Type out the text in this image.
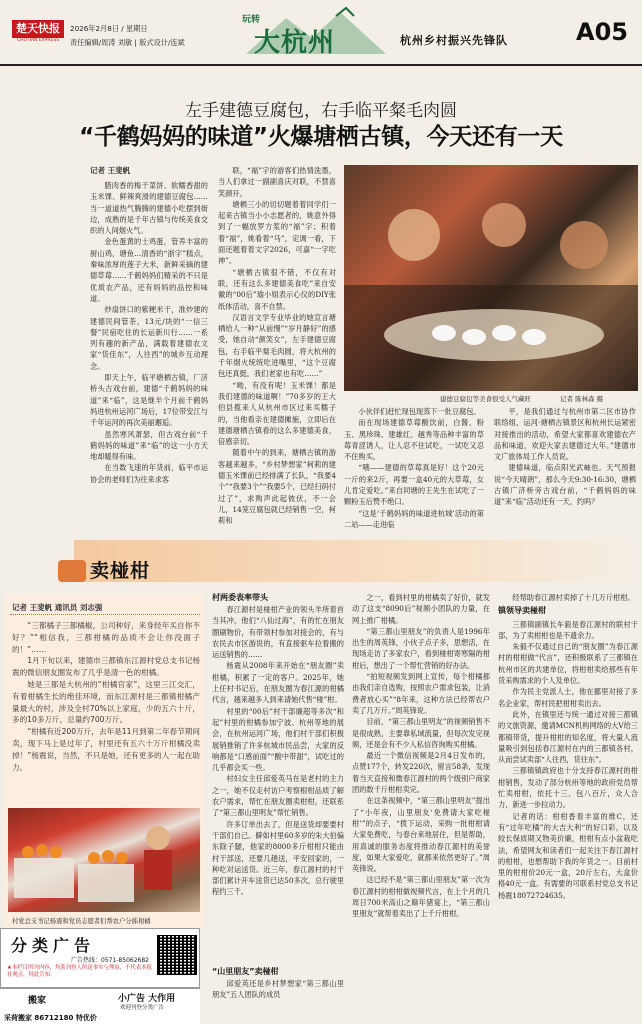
楚天快报
CHUTIAN EXPRESS
2026年2月8日 / 星期日
责任编辑/周涛 刘敏 | 版式设计/连斌
玩转
大杭州	杭州乡村振兴先锋队	A05
左手建德豆腐包，右手临平粲毛肉圆
“千鹤妈妈的味道”火爆塘栖古镇，今天还有一天
记者 王斐帆

腊肉香的梅干菜饼、软糯香甜的玉米馃、鲜辣爽滑的建德豆腐包……当一道道热气腾腾的建德小吃摆到街边，成熟的是千年古镇与传统美食交织的人间烟火气。

金色蛋黄的土鸡蛋，管养丰富的厨山鸡，塘鱼…清香的“浙字”糕点，秦味浓厚的莲子大米，新鲜采摘的建德草莓……千鹤妈妈们精采的不只是优质农产品，还有妈妈的品控和味道。

炒扇饼口的紫粳米干，准炒建的建德民间管茶，13元/块的“一信三餐”民宿吃住的长运新川行……一系列有趣的新产品，满载着建德农文家“货佳东”，人往西”的城乡互动理念。

即天上午，临平塘栖古镇，厂济桥头古戏台前，建德“千鹤妈妈的味道”来“临”，这是继半个月前千鹤妈妈进杭州运河广场后，17位带安江与千年运河的再次美丽邂逅。

虽然寒风萧瑟，但古戏台前“千鹤妈妈的味道”来“临”的这一小方天地却暖得有味。

在当数飞速的年货前，临平市运协会的老师们为往来求客

联，“福”字的游客们热情洗墨，当人们拿过一副副喜庆对联，不禁喜笑颜开。

塘栖三小的切切题着着同学们一起来古镇当小小志愿者的，姚意外得到了一幅放罗方浆的“福”字；积着着“福”，姚看着“马”，定调一看，下面还题着着文字2026，可嘉“一字吃神”。

“塘栖古镇很不错，不仅有对联，还有这么多建德美食吃”来自安徽的“00后”瑜小姐表示心仪的DIY张纸体活动，喜不自禁。

汉语言文学专业毕业的她宣言塘栖给人一种“从前慢”“岁月静好”的感受，她自动“颜笑女”，左手建德豆腐包，右手临平粲毛肉圆，将大杭州的千年烟火统统吃进嘴里，“这个豆腐包还真挺，我们老家也有吃……”

“呦，有没有呢！玉米馃！都是我们建德的味道啊！”70多岁的王大伯县揽来人从杭州市区过来买糯子的，当他看亲在建德摊施，立即后在建德塘栖古镇看的这么多建德美食，倍感亲切。

随着中午的到来，塘栖古镇的游客越来越多，“乡村梦想家”柯莉的建德玉米馃前已经排满了长队，“我要4个”“我要3个”“我要5个，已经扫码付过了”，求购声此起彼伏，不一会儿，14笼豆腐包就已经销售一空，柯莉和

建德豆腐包等美食很受人气藏旺	记者 陈林森 摄

小伙伴们赶忙现包现蒸下一批豆腐包。

而在现场建德草莓酸饮前，白酱、粉玉、黑珍珠、建雄红、越秀等品种丰富的草莓青涩诱人，让人忍不住试吃，一试吃又忍不住购买。

“哦——建德的草莓真是好！这个20元一斤的来2斤，再要一盒40元的大草莓，女儿肯定爱吃。”来自同塘的王先生在试吃了一颗粉玉后赞不绝口。

“这是‘千鹤妈妈的味道进杭城’活动的第二站——走进临

平，是我们通过与杭州市第二区市协作联络组、运河·塘栖古镇景区和杭州长运紧密对接推出的活动，希望大家都喜欢建德农产品和味道，欢迎大家去建德过大年。”建德市文广旅体局工作人员说。

建德味道，临点阳光武岫也。天气预报说“今天晴朗”，那么今天9:30-16:30，塘栖古镇广济桥旁古戏台前，“千鹤妈妈的味道”来“临”活动还有一天，约吗？

卖椪柑
记者 王斐帆 通讯员 刘志强

“三都橘子三都橘椒，公司种好，来身经年买自你不好？”“相信我，三都柑橘的品质不会让你没面子的！”……

1月下旬以来，建德市三都镇东江源村党总支书记杨震的微信朋友圈发布了几乎是清一色的柑橘。

她是三都是大杭州的“柑橘官家”，这里三江交汇，有着柑橘生长的绝佳环境，而东江源村是三都镇柑橘产量最大的村，涉及全村70%以上家庭，少的五六十斤，多的10多万斤，总量约700万斤。

“柑橘有近200万斤，去年是11月到第二年春节期间卖，现下马上是过年了，村里还有五六十万斤柑橘没卖掉！”杨震说，当然，不只是她，还有更多的人一起在助力。

村党总支书记杨震和党员志愿者们帮农户分拣柑橘
村两委表率带头

春江源村是椪柑产业的领头羊所着首当其冲，他们“八仙过海”，有的忙在朋友圈刷物价，有带领村参加对接会的，有与农民去市区游说的，有直接驱车拉着搬的运送销售的……

杨震从2008年来开始在“朋友圈”卖柑橘，积累了一定的客户。2025年，她上任村书记后，在朋友圈为春江源的柑橘代言，越来越多人到来请她代售“椪”柑。

村里的“00后”村干部廉超等多次“和起”村里的柑橘参加宁波、杭州等地的展会，在杭州运河广场，他们村干部们积极展销推销了许多杭城市民品尝，大家的反响都是“口感前面”“酸中带甜”，试吃过的几乎都会买一些。

村妇女主任邱爱英马在是老村的主力之一，她不仅走村访户考察根柑品质了解农户需求，帮忙在朋友圈卖柑柑，还联系了“第三都山里明友”帮忙销售。

许多订单出去了，但是送货却要要村干部们自己。僻如村里60多岁的朱大伯偏东除子腿，他家的8000多斤柑柑只能由村干部送，还要几趟送，平安回家的，一种吃对运送货。近三年，春江源村的村干部们累计开车送货已达50多次，总行驶里程约三千。

“山里朋友”卖椪柑

邱爱英还是乡村梦想家“第三都山里朋友”五人团队的成员

之一，看到村里的柑橘卖了好价，就发动了这支“8090后”视频小团队的力量，在网上推广柑橘。

“第三都山里朋友”的负责人是1996年出生的周英锋，小伙子点子多，思想活，在现场走访了多家农户，看到椪柑寄寒隔的柑柑后，想出了一个帮忙营销的好办法。

“拍短视频发到网上宣传，每个柑橘都由我们亲自选购，按照农户需求包装，让消费者放心买”“8年来，这种方法已经帮农户卖了几万斤。”周英锋说。

目前，“第三都山里明友”的视频销售不是很成熟，主要靠私域流量，但每次发完视频，还是会有不少人私信咨询购买柑橘。

最近一个微信视频是2月4日发布的，点赞177个，转发220次，留言58条，发现着当天直接和微春江源村的两个级别户商家团的数千斤柑柑卖完。

在这条视频中，“第三都山里明友”提出了“小年夜，山里朋友‘免费请大家吃椪柑’”的点子，“拨下运动，采购一批柑柑请大家免费吃，与春台来地居住，但是帮助，用真诚的服务态度将推动春江源村的美誉度，如果大家爱吃，就都来依然更好了。”周英锋说。

这已经不是“第三都山里朋友”第一次为春江源村的柑柑做视频代言，在上个月的几周日700米高山之巅年猪宴上，“第三都山里朋友”就帮着卖出了上千斤柑柑。

经帮助春江源村卖掉了十几万斤柑柑。

镇领导卖椪柑

三都镇副镇长车毅是春江源村的联村干部，为了卖柑柑也是不遗余力。

朱毅不仅通过自己的“朋友圈”为春江源村的柑柑做“代言”，还积极联系了三都镇在杭州市区的共建单位，将柑柑卖给那些有年货采购需求的个人及单位。

作为民主党派人士，他在挪里对接了多名企业家，帮村民把柑柑卖出去。

此外，在镇里还与统一通过对接三都镇的文旅资源，邀请MCN机构网络的大V给三都镇带货，提升柑柑的知名度，将大量人流量吸引到包括春江源村在内的三都镇各村，从而尝试卖部“人往西，货往东”。

三都镇镇政府也十分支持春江源村的柑柑销售，发动了部分杭州等地的政府党员帮忙卖柑柑，依托十三、包八百斤，众人合力，新进一步拉动力。

记者的话：柑柑香着丰富的维C，还有“过年吃橘”的大吉大利“的好口彩，以及较长保质期又物美价廉，柑柑有点小盆栽吃法，希望网友和读者们一起关注下春江源村的柑柑，也想帮助下我的年货之一。目前村里的柑柑价20元一盒，20斤左右，大盒价格40元一盒。有需要的可联系村党总支书记杨震18072724635。

分类广告
广告热线：0571-85062682
★本栏目所刊内容，均系刊登人所送事实与理由，不代表本报社观点，特此告知。
搬家	小广告 大作用
欢迎刊登分类广告
采荷搬家 86712180 特优价
